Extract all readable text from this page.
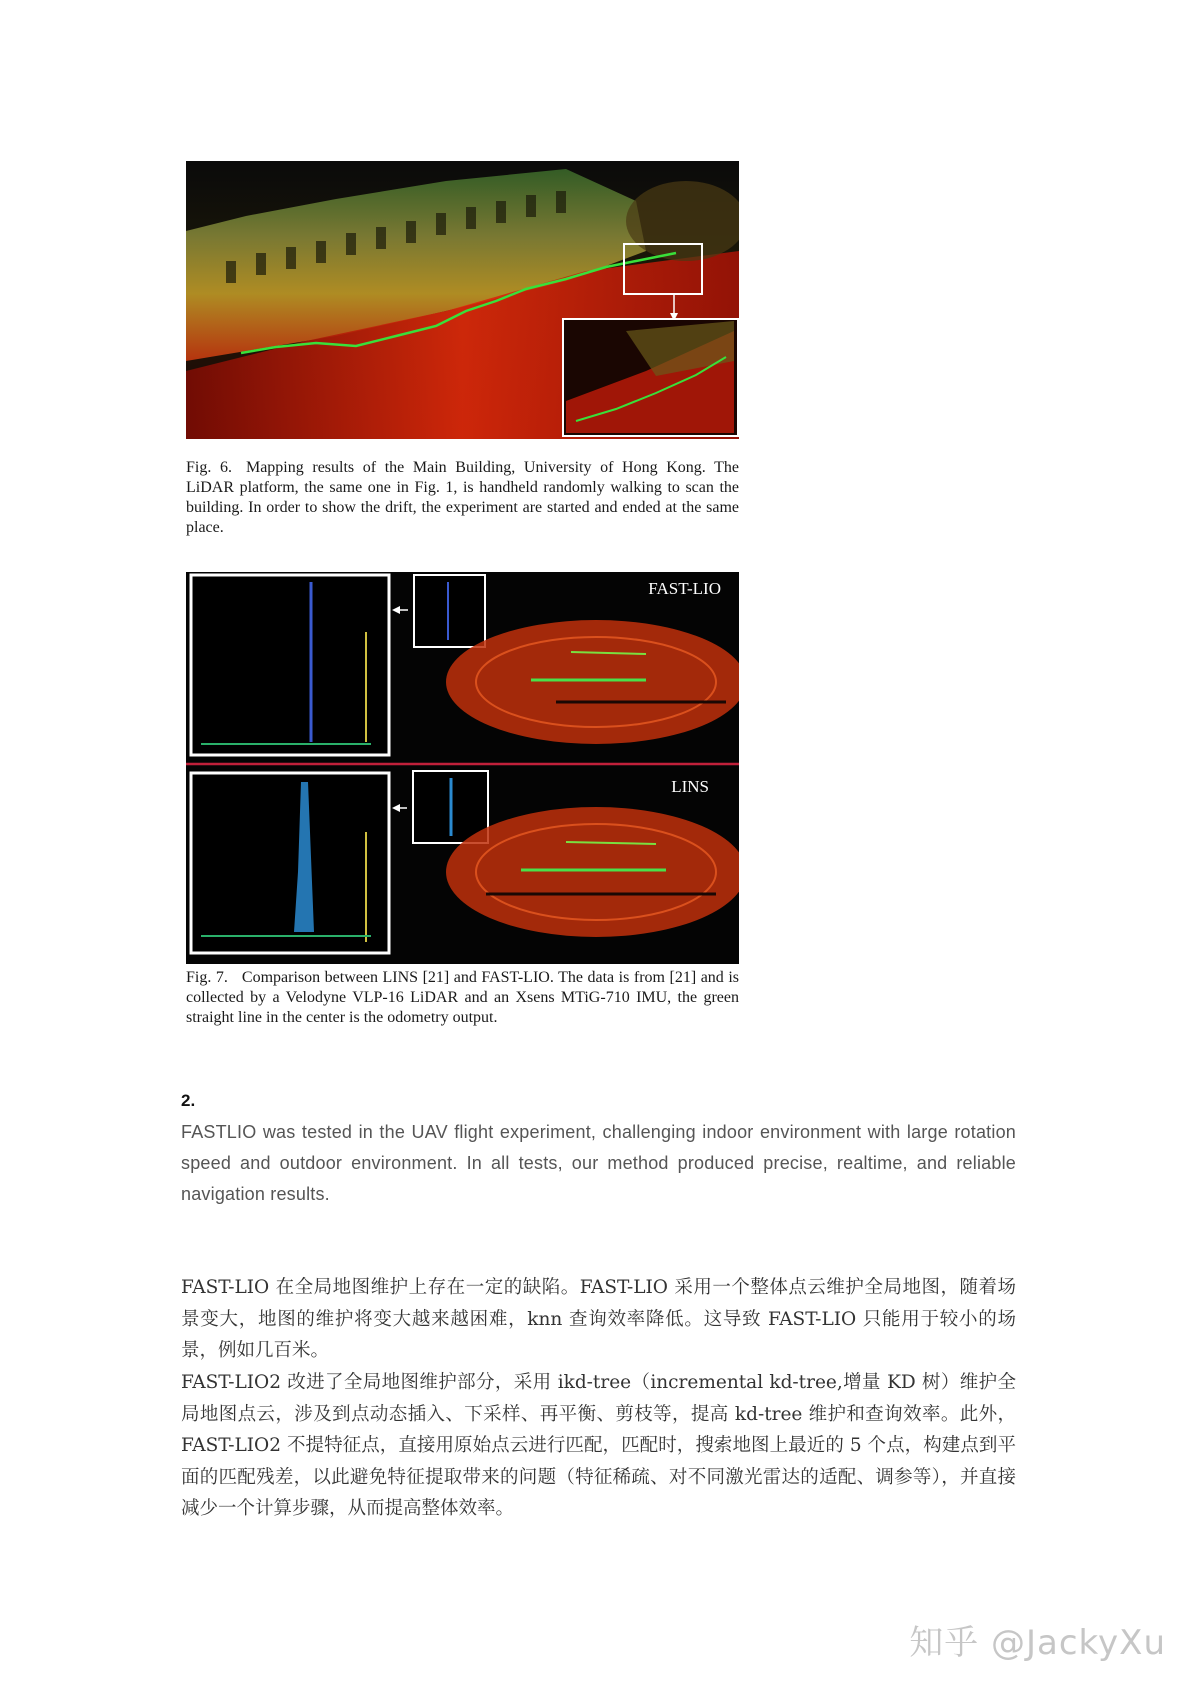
Fig. 6. Mapping results of the Main Building, University of Hong Kong. The LiDAR platform, the same one in Fig. 1, is handheld randomly walking to scan the building. In order to show the drift, the experiment are started and ended at the same place.

FAST-LIO
LINS

Fig. 7. Comparison between LINS [21] and FAST-LIO. The data is from [21] and is collected by a Velodyne VLP-16 LiDAR and an Xsens MTiG-710 IMU, the green straight line in the center is the odometry output.

2.

FASTLIO was tested in the UAV flight experiment, challenging indoor environment with large rotation speed and outdoor environment. In all tests, our method produced precise, realtime, and reliable navigation results.

FAST-LIO 在全局地图维护上存在一定的缺陷。FAST-LIO 采用一个整体点云维护全局地图，随着场景变大，地图的维护将变大越来越困难，knn 查询效率降低。这导致 FAST-LIO 只能用于较小的场景，例如几百米。

FAST-LIO2 改进了全局地图维护部分，采用 ikd-tree（incremental kd-tree,增量 KD 树）维护全局地图点云，涉及到点动态插入、下采样、再平衡、剪枝等，提高 kd-tree 维护和查询效率。此外，FAST-LIO2 不提特征点，直接用原始点云进行匹配，匹配时，搜索地图上最近的 5 个点，构建点到平面的匹配残差，以此避免特征提取带来的问题（特征稀疏、对不同激光雷达的适配、调参等），并直接减少一个计算步骤，从而提高整体效率。

知乎 @JackyXu
